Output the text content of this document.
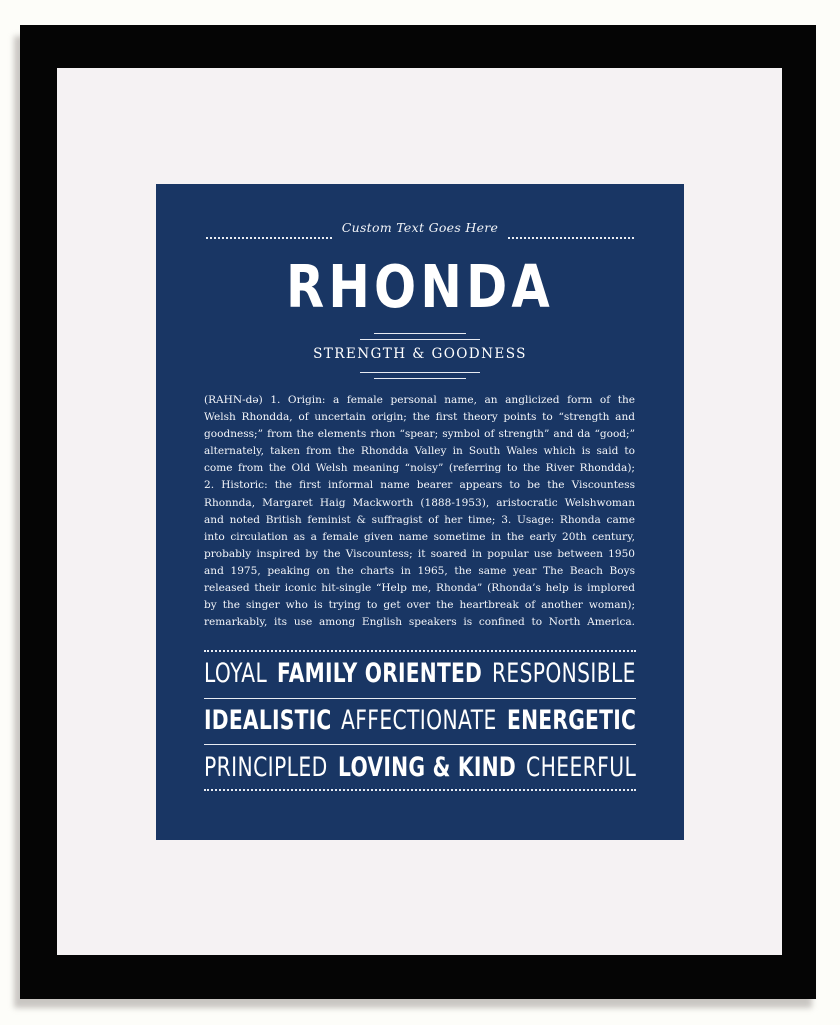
Custom Text Goes Here
RHONDA
STRENGTH & GOODNESS
(RAHN-də) 1. Origin: a female personal name, an anglicized form of the
Welsh Rhondda, of uncertain origin; the first theory points to “strength and
goodness;” from the elements rhon “spear; symbol of strength” and da “good;”
alternately, taken from the Rhondda Valley in South Wales which is said to
come from the Old Welsh meaning “noisy” (referring to the River Rhondda);
2. Historic: the first informal name bearer appears to be the Viscountess
Rhonnda, Margaret Haig Mackworth (1888-1953), aristocratic Welshwoman
and noted British feminist & suffragist of her time; 3. Usage: Rhonda came
into circulation as a female given name sometime in the early 20th century,
probably inspired by the Viscountess; it soared in popular use between 1950
and 1975, peaking on the charts in 1965, the same year The Beach Boys
released their iconic hit-single “Help me, Rhonda” (Rhonda’s help is implored
by the singer who is trying to get over the heartbreak of another woman);
remarkably, its use among English speakers is confined to North America.
LOYAL FAMILY ORIENTED RESPONSIBLE
IDEALISTIC AFFECTIONATE ENERGETIC
PRINCIPLED LOVING & KIND CHEERFUL
